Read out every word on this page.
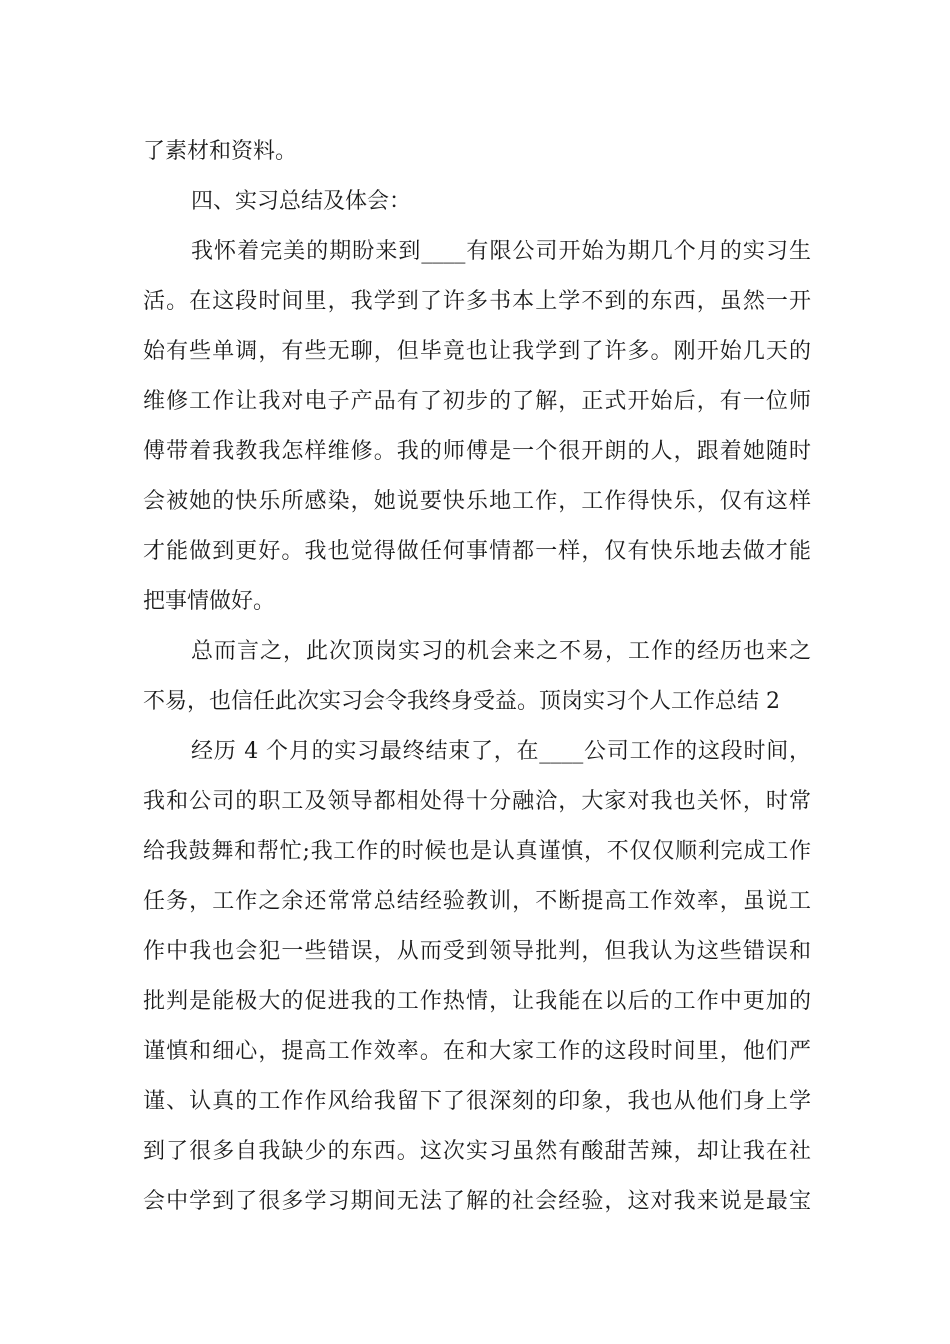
了素材和资料。
四、实习总结及体会：
我怀着完美的期盼来到____有限公司开始为期几个月的实习生
活。在这段时间里，我学到了许多书本上学不到的东西，虽然一开
始有些单调，有些无聊，但毕竟也让我学到了许多。刚开始几天的
维修工作让我对电子产品有了初步的了解，正式开始后，有一位师
傅带着我教我怎样维修。我的师傅是一个很开朗的人，跟着她随时
会被她的快乐所感染，她说要快乐地工作，工作得快乐，仅有这样
才能做到更好。我也觉得做任何事情都一样，仅有快乐地去做才能
把事情做好。
总而言之，此次顶岗实习的机会来之不易，工作的经历也来之
不易，也信任此次实习会令我终身受益。顶岗实习个人工作总结 2
经历 4 个月的实习最终结束了，在____公司工作的这段时间，
我和公司的职工及领导都相处得十分融洽，大家对我也关怀，时常
给我鼓舞和帮忙;我工作的时候也是认真谨慎，不仅仅顺利完成工作
任务，工作之余还常常总结经验教训，不断提高工作效率，虽说工
作中我也会犯一些错误，从而受到领导批判，但我认为这些错误和
批判是能极大的促进我的工作热情，让我能在以后的工作中更加的
谨慎和细心，提高工作效率。在和大家工作的这段时间里，他们严
谨、认真的工作作风给我留下了很深刻的印象，我也从他们身上学
到了很多自我缺少的东西。这次实习虽然有酸甜苦辣，却让我在社
会中学到了很多学习期间无法了解的社会经验，这对我来说是最宝
